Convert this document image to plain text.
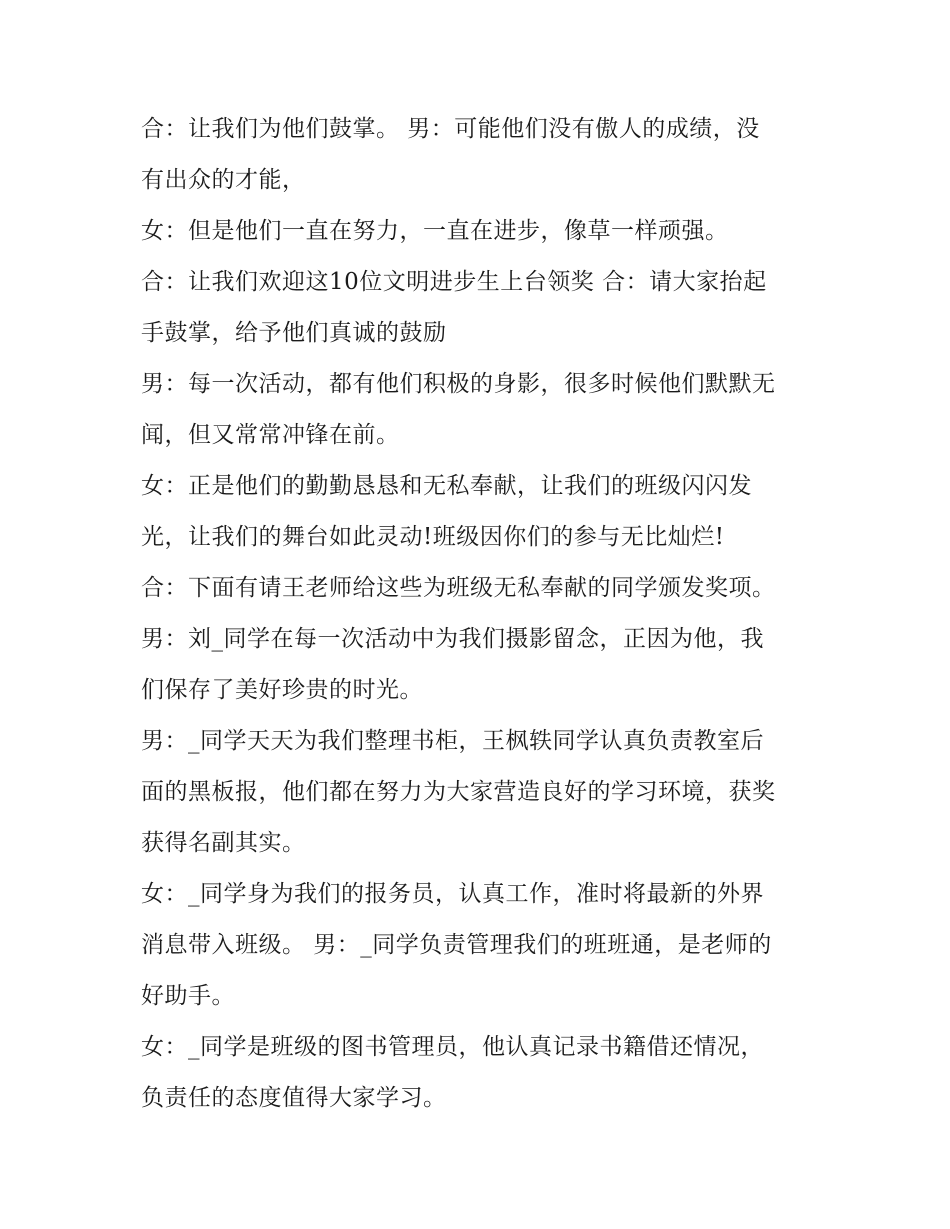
合：让我们为他们鼓掌。 男：可能他们没有傲人的成绩，没
有出众的才能，
女：但是他们一直在努力，一直在进步，像草一样顽强。
合：让我们欢迎这10位文明进步生上台领奖 合：请大家抬起
手鼓掌，给予他们真诚的鼓励
男：每一次活动，都有他们积极的身影，很多时候他们默默无
闻，但又常常冲锋在前。
女：正是他们的勤勤恳恳和无私奉献，让我们的班级闪闪发
光，让我们的舞台如此灵动!班级因你们的参与无比灿烂!
合：下面有请王老师给这些为班级无私奉献的同学颁发奖项。
男：刘_同学在每一次活动中为我们摄影留念，正因为他，我
们保存了美好珍贵的时光。
男：_同学天天为我们整理书柜，王枫轶同学认真负责教室后
面的黑板报，他们都在努力为大家营造良好的学习环境，获奖
获得名副其实。
女：_同学身为我们的报务员，认真工作，准时将最新的外界
消息带入班级。 男：_同学负责管理我们的班班通，是老师的
好助手。
女：_同学是班级的图书管理员，他认真记录书籍借还情况，
负责任的态度值得大家学习。
